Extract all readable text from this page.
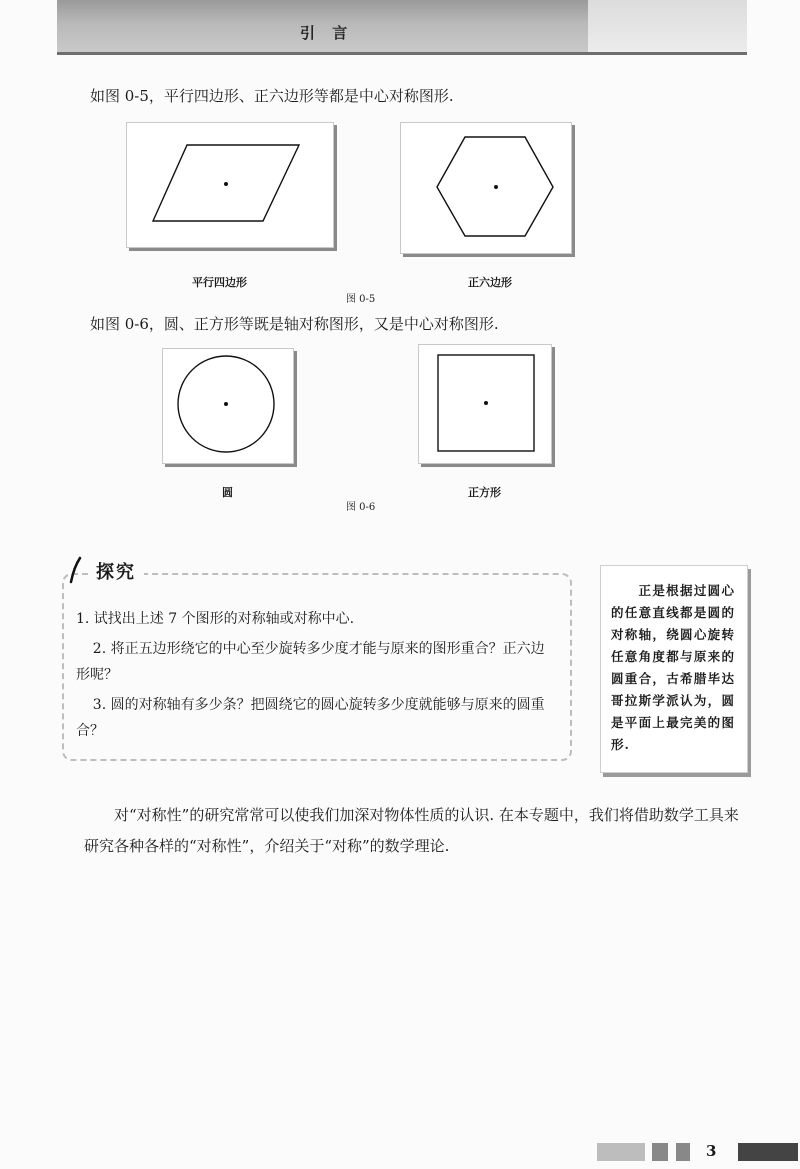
引 言
如图 0-5，平行四边形、正六边形等都是中心对称图形.
平行四边形	正六边形
图 0-5
如图 0-6，圆、正方形等既是轴对称图形，又是中心对称图形.
圆	正方形
图 0-6
探究
1. 试找出上述 7 个图形的对称轴或对称中心.
2. 将正五边形绕它的中心至少旋转多少度才能与原来的图形重合？正六边形呢？
3. 圆的对称轴有多少条？把圆绕它的圆心旋转多少度就能够与原来的圆重合？
正是根据过圆心的任意直线都是圆的对称轴，绕圆心旋转任意角度都与原来的圆重合，古希腊毕达哥拉斯学派认为，圆是平面上最完美的图形.
对“对称性”的研究常常可以使我们加深对物体性质的认识. 在本专题中，我们将借助数学工具来研究各种各样的“对称性”，介绍关于“对称”的数学理论.
3
